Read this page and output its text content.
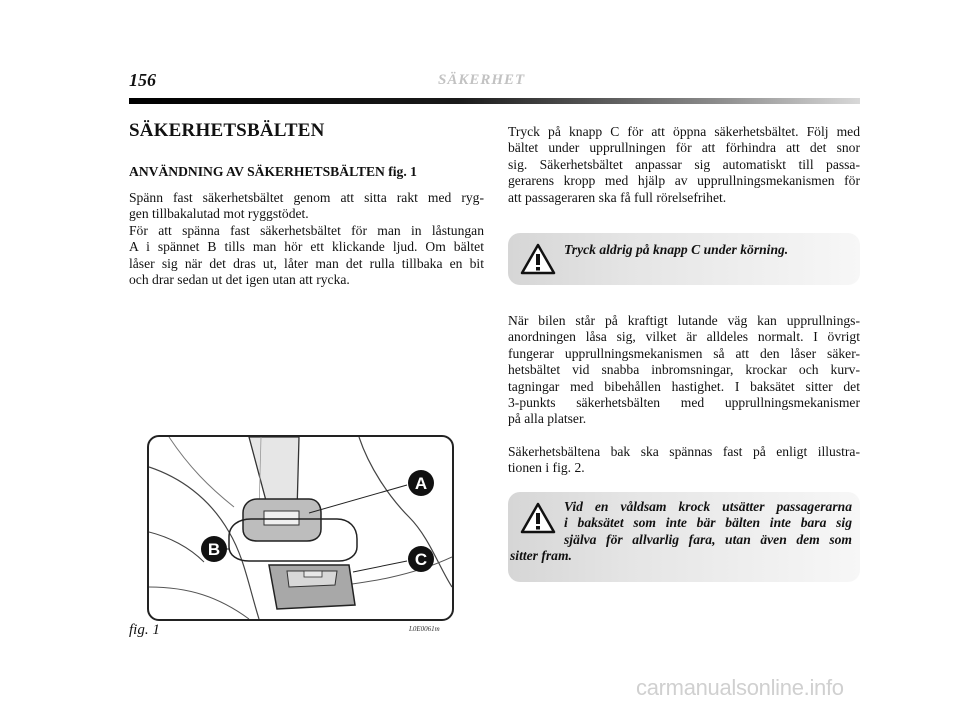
156	SÄKERHET
SÄKERHETSBÄLTEN
ANVÄNDNING AV SÄKERHETSBÄLTEN fig. 1

Spänn fast säkerhetsbältet genom att sitta rakt med ryg-

gen tillbakalutad mot ryggstödet.

För att spänna fast säkerhetsbältet för man in låstungan

A i spännet B tills man hör ett klickande ljud. Om bältet

låser sig när det dras ut, låter man det rulla tillbaka en bit

och drar sedan ut det igen utan att rycka.

A
B
C
fig. 1	L0E0061m

Tryck på knapp C för att öppna säkerhetsbältet. Följ med

bältet under upprullningen för att förhindra att det snor

sig. Säkerhetsbältet anpassar sig automatiskt till passa-

gerarens kropp med hjälp av upprullningsmekanismen för

att passageraren ska få full rörelsefrihet.

Tryck aldrig på knapp C under körning.

När bilen står på kraftigt lutande väg kan upprullnings-

anordningen låsa sig, vilket är alldeles normalt. I övrigt

fungerar upprullningsmekanismen så att den låser säker-

hetsbältet vid snabba inbromsningar, krockar och kurv-

tagningar med bibehållen hastighet. I baksätet sitter det

3-punkts säkerhetsbälten med upprullningsmekanismer

på alla platser.

Säkerhetsbältena bak ska spännas fast på enligt illustra-

tionen i fig. 2.

Vid en våldsam krock utsätter passagerarna
i baksätet som inte bär bälten inte bara sig
själva för allvarlig fara, utan även dem som
sitter fram.
carmanualsonline.info
